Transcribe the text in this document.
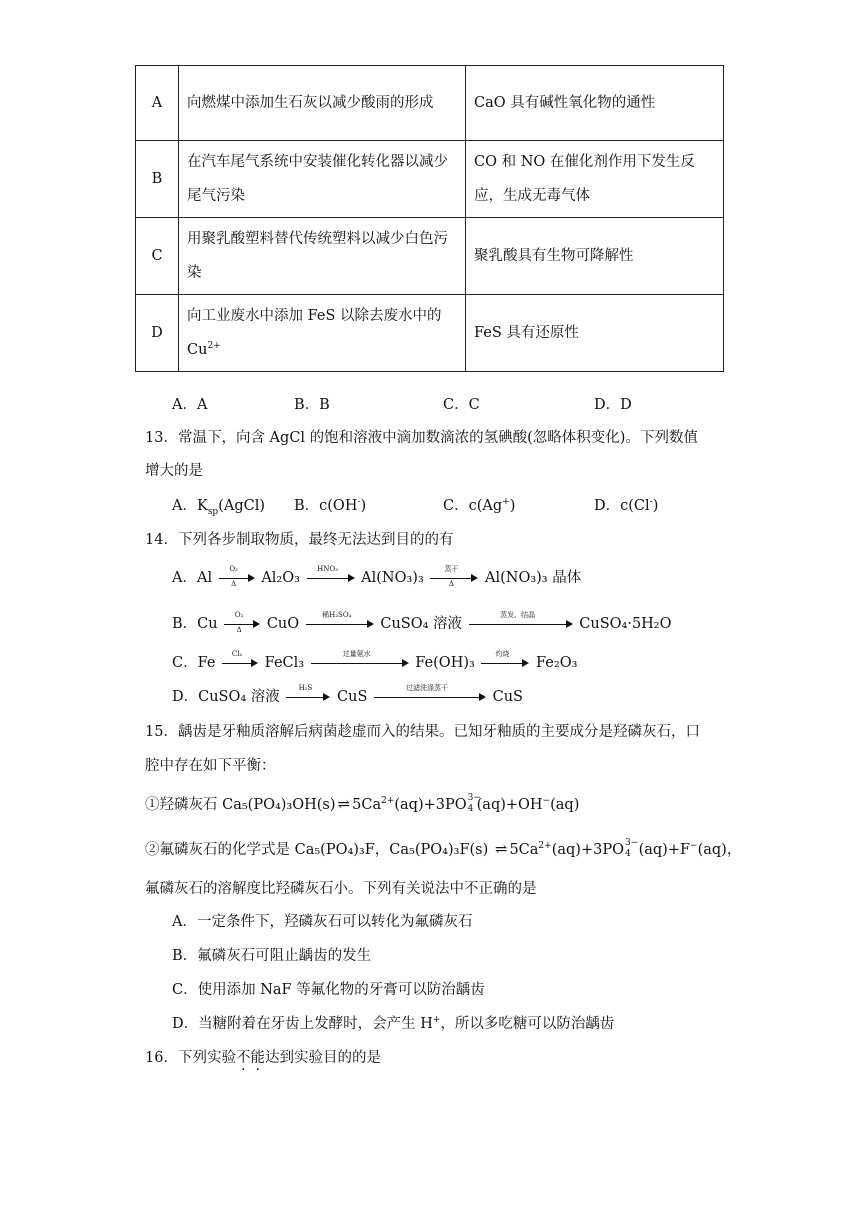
A	向燃煤中添加生石灰以减少酸雨的形成	CaO 具有碱性氧化物的通性
B	在汽车尾气系统中安装催化转化器以减少尾气污染	CO 和 NO 在催化剂作用下发生反应，生成无毒气体
C	用聚乳酸塑料替代传统塑料以减少白色污染	聚乳酸具有生物可降解性
D	向工业废水中添加 FeS 以除去废水中的$Cu^{2+}$	FeS 具有还原性
A．A	B．B	C．C	D．D
13．常温下，向含 AgCl 的饱和溶液中滴加数滴浓的氢碘酸(忽略体积变化)。下列数值
增大的是
A．$K_{sp}(AgCl)$ B．c(OH-)	C．c(Ag+)	D．c(Cl-)
14．下列各步制取物质，最终无法达到目的的有
A．Al $\frac{\text{O₂}}{\Delta} Al_2O_3$
HNO₃
Al(NO₃)₃
蒸干
Δ	Al(NO₃)₃ 晶体
B．Cu $\frac{\text{O₂}}{\Delta}$ CuO
稀H₂SO₄
CuSO₄ 溶液
蒸发、结晶
CuSO₄·5H₂O
C．Fe
Cl₂
FeCl₃
过量氨水
Fe(OH)₃
灼烧
Fe₂O₃
D．CuSO₄ 溶液
H₂S
CuS
过滤洗涤蒸干
CuS
15．龋齿是牙釉质溶解后病菌趁虚而入的结果。已知牙釉质的主要成分是羟磷灰石，口
腔中存在如下平衡：
①羟磷灰石 Ca₅(PO₄)₃OH(s) ⇌ $5Ca^{2+}(aq)+3PO$ 3−
4 (aq)+OH−(aq)
②氟磷灰石的化学式是 Ca₅(PO₄)₃F，Ca₅(PO₄)₃F(s) ⇌ $5Ca^{2+}(aq)+3PO$ 3−
4 (aq)+F−(aq)，
氟磷灰石的溶解度比羟磷灰石小。下列有关说法中不正确的是
A．一定条件下，羟磷灰石可以转化为氟磷灰石
B．氟磷灰石可阻止龋齿的发生
C．使用添加 NaF 等氟化物的牙膏可以防治龋齿
D．当糖附着在牙齿上发酵时，会产生 H+，所以多吃糖可以防治龋齿
16．下列实验不能达到实验目的的是
